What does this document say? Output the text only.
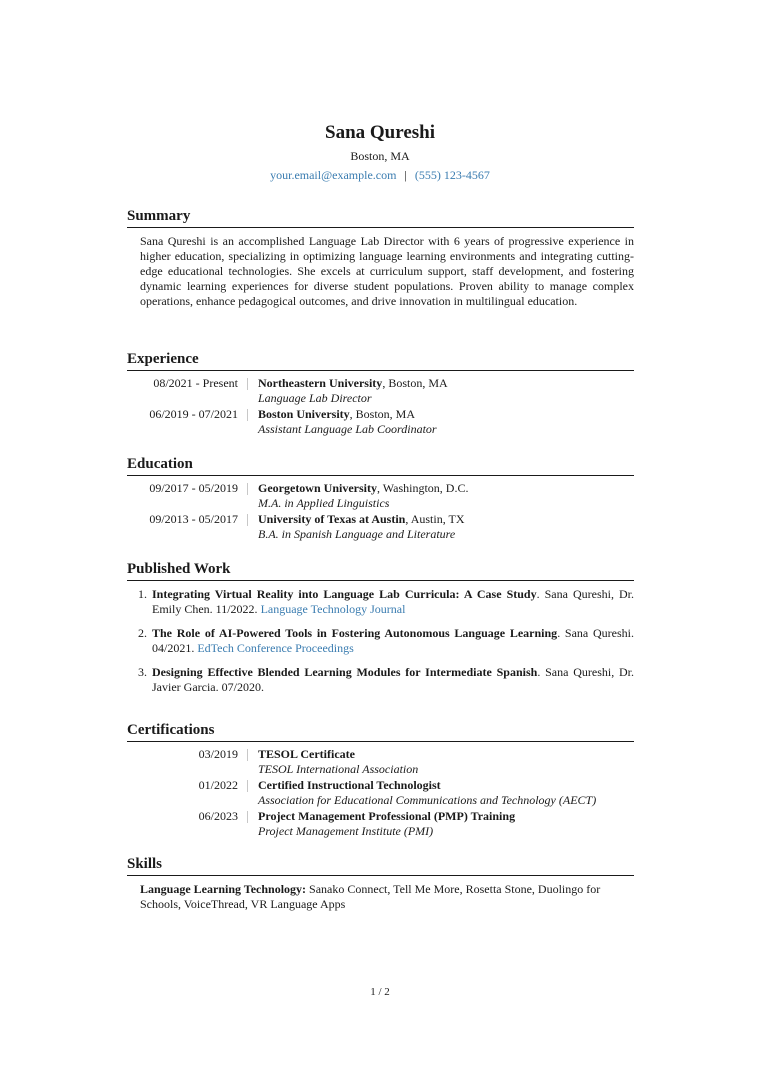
Sana Qureshi
Boston, MA
your.email@example.com | (555) 123-4567
Summary
Sana Qureshi is an accomplished Language Lab Director with 6 years of progressive experience in higher education, specializing in optimizing language learning environments and integrating cutting-edge educational technologies. She excels at curriculum support, staff development, and fostering dynamic learning experiences for diverse student populations. Proven ability to manage complex operations, enhance pedagogical outcomes, and drive innovation in multilingual education.
Experience
08/2021 - Present Northeastern University, Boston, MA
Language Lab Director
06/2019 - 07/2021 Boston University, Boston, MA
Assistant Language Lab Coordinator
Education
09/2017 - 05/2019 Georgetown University, Washington, D.C.
M.A. in Applied Linguistics
09/2013 - 05/2017 University of Texas at Austin, Austin, TX
B.A. in Spanish Language and Literature
Published Work
1. Integrating Virtual Reality into Language Lab Curricula: A Case Study. Sana Qureshi, Dr. Emily Chen. 11/2022. Language Technology Journal
2. The Role of AI-Powered Tools in Fostering Autonomous Language Learning. Sana Qureshi. 04/2021. EdTech Conference Proceedings
3. Designing Effective Blended Learning Modules for Intermediate Spanish. Sana Qureshi, Dr. Javier Garcia. 07/2020.
Certifications
03/2019 TESOL Certificate
TESOL International Association
01/2022 Certified Instructional Technologist
Association for Educational Communications and Technology (AECT)
06/2023 Project Management Professional (PMP) Training
Project Management Institute (PMI)
Skills
Language Learning Technology: Sanako Connect, Tell Me More, Rosetta Stone, Duolingo for Schools, VoiceThread, VR Language Apps
1 / 2
